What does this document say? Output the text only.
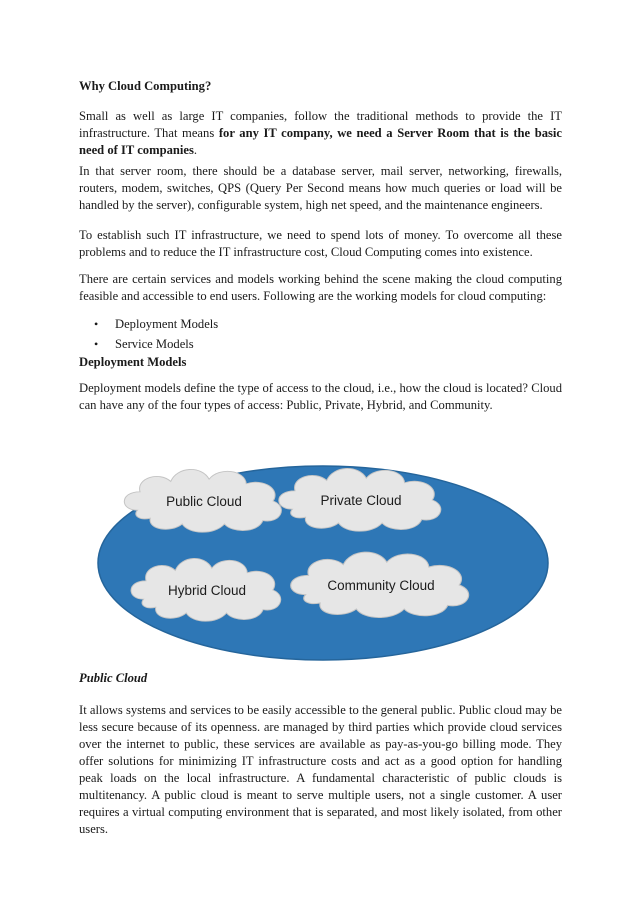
Why Cloud Computing?

Small as well as large IT companies, follow the traditional methods to provide the IT infrastructure. That means for any IT company, we need a Server Room that is the basic need of IT companies.

In that server room, there should be a database server, mail server, networking, firewalls, routers, modem, switches, QPS (Query Per Second means how much queries or load will be handled by the server), configurable system, high net speed, and the maintenance engineers.

To establish such IT infrastructure, we need to spend lots of money. To overcome all these problems and to reduce the IT infrastructure cost, Cloud Computing comes into existence.

There are certain services and models working behind the scene making the cloud computing feasible and accessible to end users. Following are the working models for cloud computing:

• Deployment Models
• Service Models

Deployment Models

Deployment models define the type of access to the cloud, i.e., how the cloud is located? Cloud can have any of the four types of access: Public, Private, Hybrid, and Community.

Public Cloud	Private Cloud
Hybrid Cloud	Community Cloud

Public Cloud

It allows systems and services to be easily accessible to the general public. Public cloud may be less secure because of its openness. are managed by third parties which provide cloud services over the internet to public, these services are available as pay-as-you-go billing mode. They offer solutions for minimizing IT infrastructure costs and act as a good option for handling peak loads on the local infrastructure. A fundamental characteristic of public clouds is multitenancy. A public cloud is meant to serve multiple users, not a single customer. A user requires a virtual computing environment that is separated, and most likely isolated, from other users.
